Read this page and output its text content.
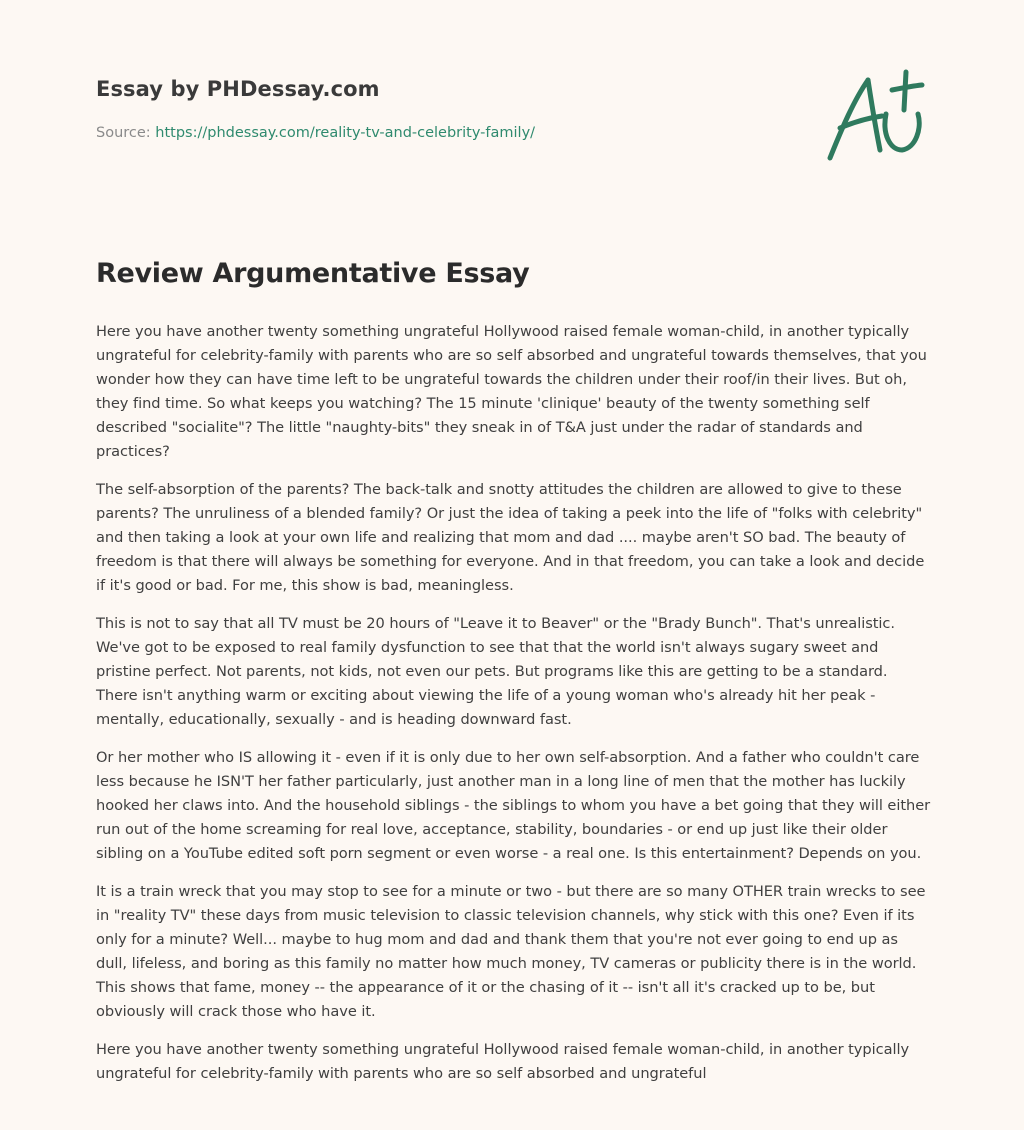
Essay by PHDessay.com
Source: https://phdessay.com/reality-tv-and-celebrity-family/
Review Argumentative Essay

Here you have another twenty something ungrateful Hollywood raised female woman-child, in another typically ungrateful for celebrity-family with parents who are so self absorbed and ungrateful towards themselves, that you wonder how they can have time left to be ungrateful towards the children under their roof/in their lives. But oh, they find time. So what keeps you watching? The 15 minute 'clinique' beauty of the twenty something self described "socialite"? The little "naughty-bits" they sneak in of T&A just under the radar of standards and practices?

The self-absorption of the parents? The back-talk and snotty attitudes the children are allowed to give to these parents? The unruliness of a blended family? Or just the idea of taking a peek into the life of "folks with celebrity" and then taking a look at your own life and realizing that mom and dad .... maybe aren't SO bad. The beauty of freedom is that there will always be something for everyone. And in that freedom, you can take a look and decide if it's good or bad. For me, this show is bad, meaningless.

This is not to say that all TV must be 20 hours of "Leave it to Beaver" or the "Brady Bunch". That's unrealistic. We've got to be exposed to real family dysfunction to see that that the world isn't always sugary sweet and pristine perfect. Not parents, not kids, not even our pets. But programs like this are getting to be a standard. There isn't anything warm or exciting about viewing the life of a young woman who's already hit her peak - mentally, educationally, sexually - and is heading downward fast.

Or her mother who IS allowing it - even if it is only due to her own self-absorption. And a father who couldn't care less because he ISN'T her father particularly, just another man in a long line of men that the mother has luckily hooked her claws into. And the household siblings - the siblings to whom you have a bet going that they will either run out of the home screaming for real love, acceptance, stability, boundaries - or end up just like their older sibling on a YouTube edited soft porn segment or even worse - a real one. Is this entertainment? Depends on you.

It is a train wreck that you may stop to see for a minute or two - but there are so many OTHER train wrecks to see in "reality TV" these days from music television to classic television channels, why stick with this one? Even if its only for a minute? Well... maybe to hug mom and dad and thank them that you're not ever going to end up as dull, lifeless, and boring as this family no matter how much money, TV cameras or publicity there is in the world. This shows that fame, money -- the appearance of it or the chasing of it -- isn't all it's cracked up to be, but obviously will crack those who have it.

Here you have another twenty something ungrateful Hollywood raised female woman-child, in another typically ungrateful for celebrity-family with parents who are so self absorbed and ungrateful
